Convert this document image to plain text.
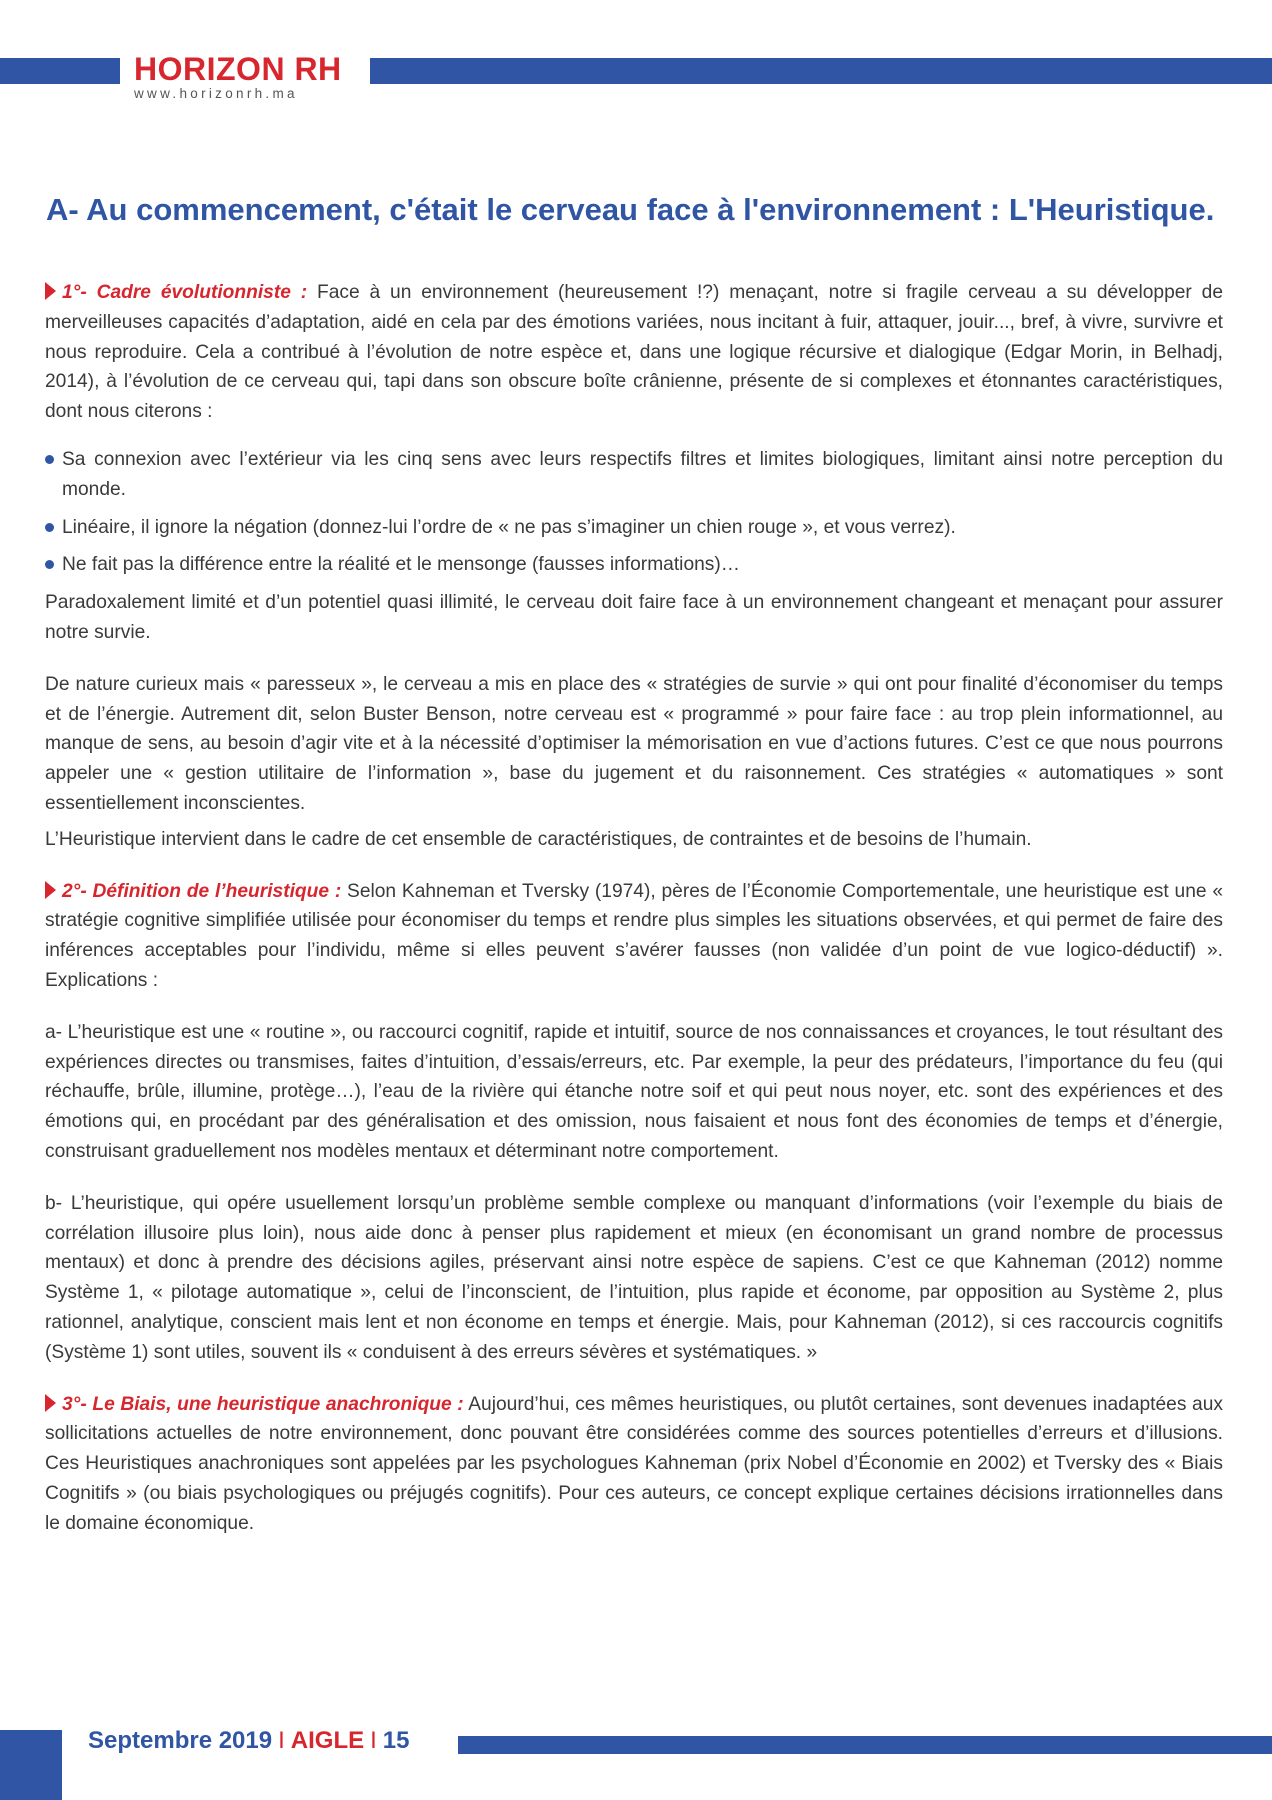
HORIZON RH
www.horizonrh.ma
A- Au commencement, c'était le cerveau face à l'environnement : L'Heuristique.

1°- Cadre évolutionniste : Face à un environnement (heureusement !?) menaçant, notre si fragile cerveau a su développer de merveilleuses capacités d’adaptation, aidé en cela par des émotions variées, nous incitant à fuir, attaquer, jouir..., bref, à vivre, survivre et nous reproduire. Cela a contribué à l’évolution de notre espèce et, dans une logique récursive et dialogique (Edgar Morin, in Belhadj, 2014), à l’évolution de ce cerveau qui, tapi dans son obscure boîte crânienne, présente de si complexes et étonnantes caractéristiques, dont nous citerons :

Sa connexion avec l’extérieur via les cinq sens avec leurs respectifs filtres et limites biologiques, limitant ainsi notre perception du monde.
Linéaire, il ignore la négation (donnez-lui l’ordre de « ne pas s’imaginer un chien rouge », et vous verrez).
Ne fait pas la différence entre la réalité et le mensonge (fausses informations)…

Paradoxalement limité et d’un potentiel quasi illimité, le cerveau doit faire face à un environnement changeant et menaçant pour assurer notre survie.

De nature curieux mais « paresseux », le cerveau a mis en place des « stratégies de survie » qui ont pour finalité d’économiser du temps et de l’énergie. Autrement dit, selon Buster Benson, notre cerveau est « programmé » pour faire face : au trop plein informationnel, au manque de sens, au besoin d’agir vite et à la nécessité d’optimiser la mémorisation en vue d’actions futures. C’est ce que nous pourrons appeler une « gestion utilitaire de l’information », base du jugement et du raisonnement. Ces stratégies « automatiques » sont essentiellement inconscientes.

L’Heuristique intervient dans le cadre de cet ensemble de caractéristiques, de contraintes et de besoins de l’humain.

2°- Définition de l’heuristique : Selon Kahneman et Tversky (1974), pères de l’Économie Comportementale, une heuristique est une « stratégie cognitive simplifiée utilisée pour économiser du temps et rendre plus simples les situations observées, et qui permet de faire des inférences acceptables pour l’individu, même si elles peuvent s’avérer fausses (non validée d’un point de vue logico-déductif) ». Explications :

a- L’heuristique est une « routine », ou raccourci cognitif, rapide et intuitif, source de nos connaissances et croyances, le tout résultant des expériences directes ou transmises, faites d’intuition, d’essais/erreurs, etc. Par exemple, la peur des prédateurs, l’importance du feu (qui réchauffe, brûle, illumine, protège…), l’eau de la rivière qui étanche notre soif et qui peut nous noyer, etc. sont des expériences et des émotions qui, en procédant par des généralisation et des omission, nous faisaient et nous font des économies de temps et d’énergie, construisant graduellement nos modèles mentaux et déterminant notre comportement.

b- L’heuristique, qui opére usuellement lorsqu’un problème semble complexe ou manquant d’informations (voir l’exemple du biais de corrélation illusoire plus loin), nous aide donc à penser plus rapidement et mieux (en économisant un grand nombre de processus mentaux) et donc à prendre des décisions agiles, préservant ainsi notre espèce de sapiens. C’est ce que Kahneman (2012) nomme Système 1, « pilotage automatique », celui de l’inconscient, de l’intuition, plus rapide et économe, par opposition au Système 2, plus rationnel, analytique, conscient mais lent et non économe en temps et énergie. Mais, pour Kahneman (2012), si ces raccourcis cognitifs (Système 1) sont utiles, souvent ils « conduisent à des erreurs sévères et systématiques. »

3°- Le Biais, une heuristique anachronique : Aujourd’hui, ces mêmes heuristiques, ou plutôt certaines, sont devenues inadaptées aux sollicitations actuelles de notre environnement, donc pouvant être considérées comme des sources potentielles d’erreurs et d’illusions. Ces Heuristiques anachroniques sont appelées par les psychologues Kahneman (prix Nobel d’Économie en 2002) et Tversky des « Biais Cognitifs » (ou biais psychologiques ou préjugés cognitifs). Pour ces auteurs, ce concept explique certaines décisions irrationnelles dans le domaine économique.

Septembre 2019 I AIGLE I 15
